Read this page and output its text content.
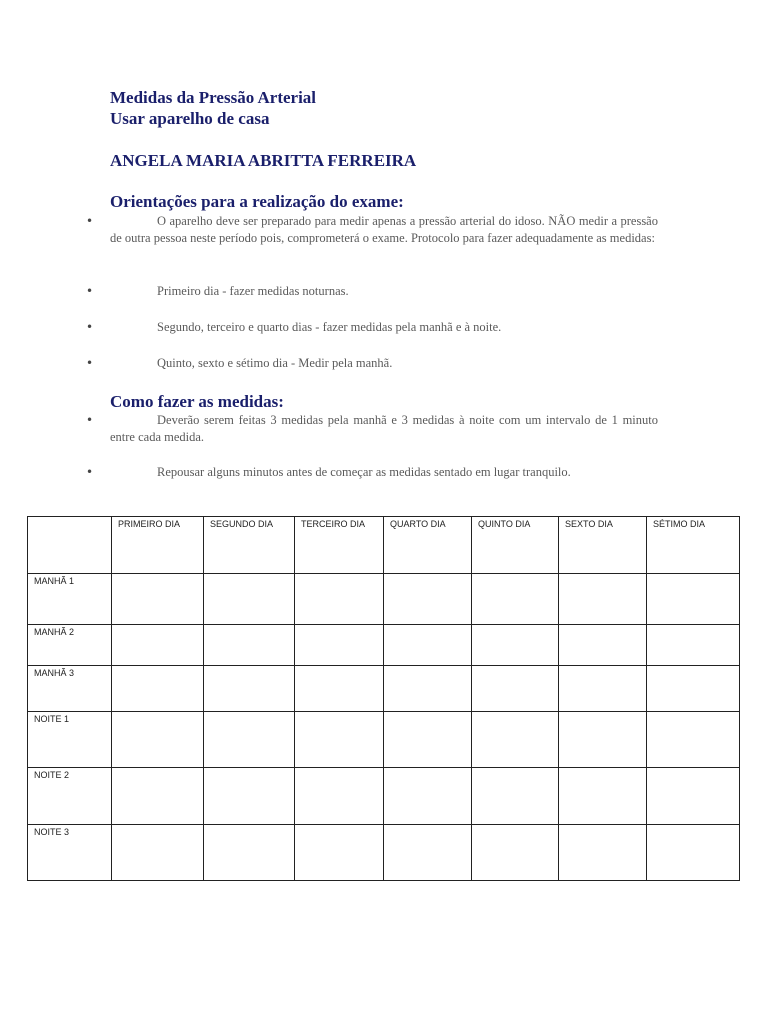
Medidas da Pressão Arterial
Usar aparelho de casa
ANGELA MARIA ABRITTA FERREIRA
Orientações para a realização do exame:
•	O aparelho deve ser preparado para medir apenas a pressão arterial do idoso. NÃO medir a pressão de outra pessoa neste período pois, comprometerá o exame. Protocolo para fazer adequadamente as medidas:
•	Primeiro dia - fazer medidas noturnas.
•	Segundo, terceiro e quarto dias - fazer medidas pela manhã e à noite.
•	Quinto, sexto e sétimo dia - Medir pela manhã.
Como fazer as medidas:
•	Deverão serem feitas 3 medidas pela manhã e 3 medidas à noite com um intervalo de 1 minuto entre cada medida.
•	Repousar alguns minutos antes de começar as medidas sentado em lugar tranquilo.
	PRIMEIRO DIA	SEGUNDO DIA	TERCEIRO DIA	QUARTO DIA	QUINTO DIA	SEXTO DIA	SÉTIMO DIA
MANHÃ 1							
MANHÃ 2							
MANHÃ 3							
NOITE 1							
NOITE 2							
NOITE 3							
